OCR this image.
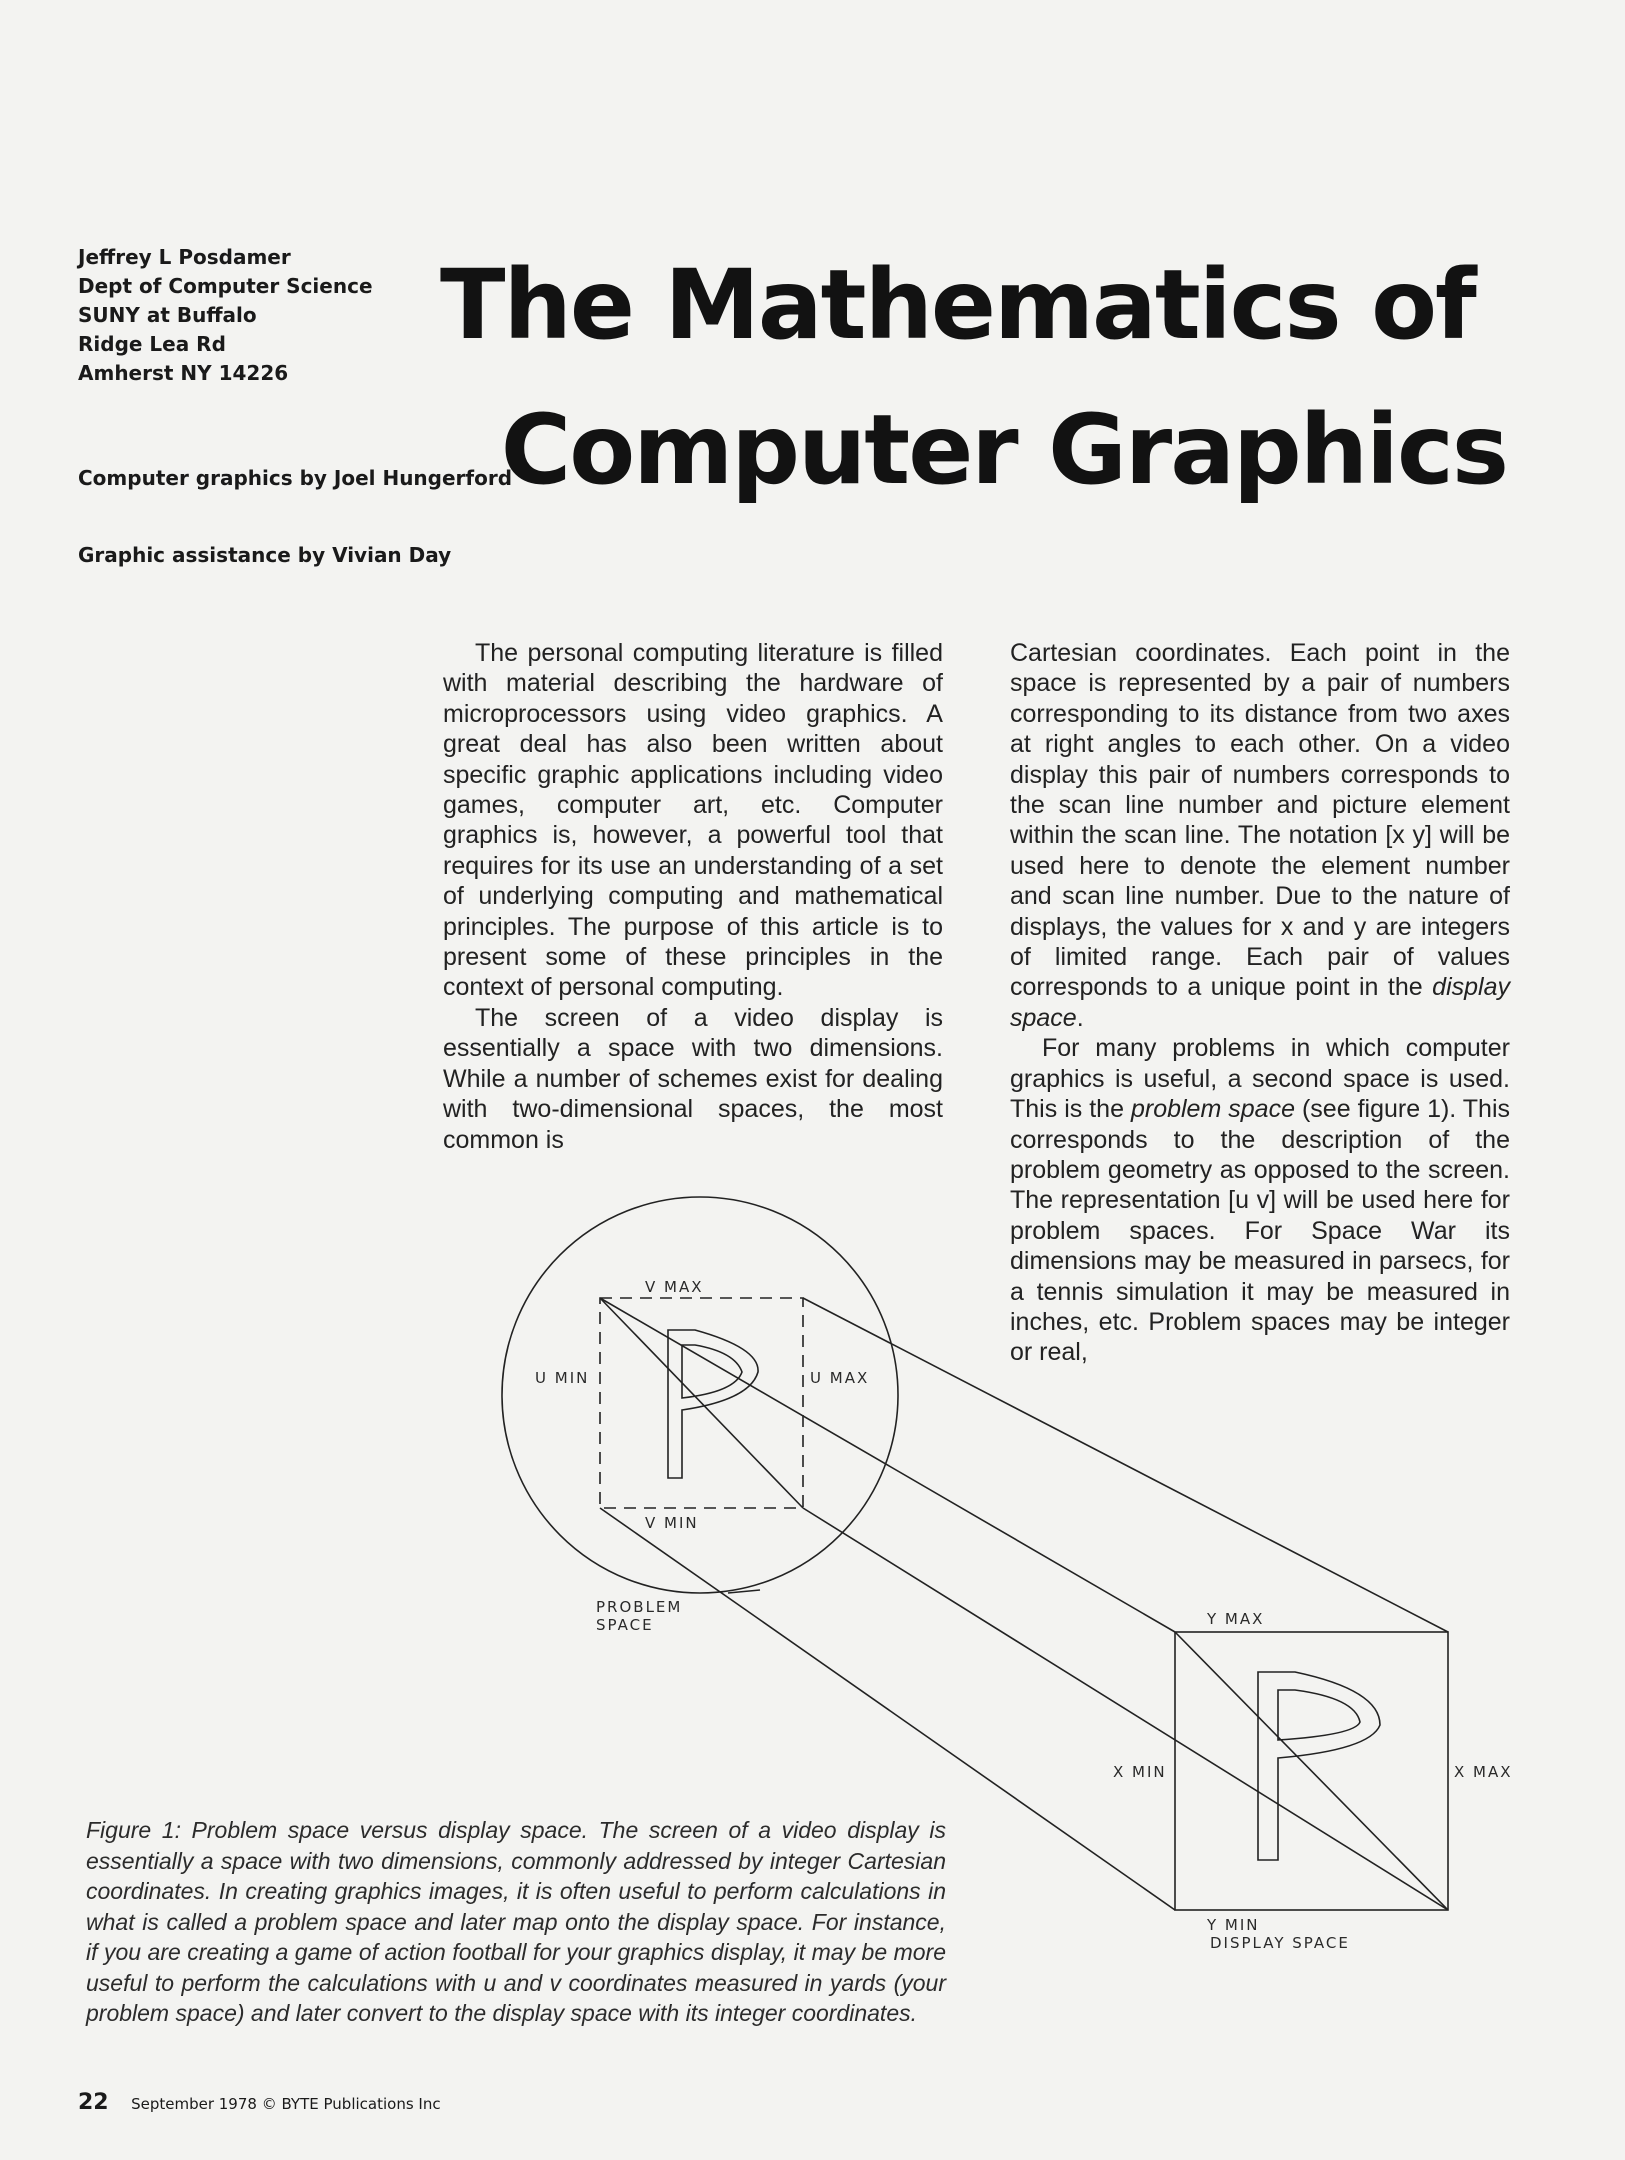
Jeffrey L Posdamer
Dept of Computer Science
SUNY at Buffalo
Ridge Lea Rd
Amherst NY 14226
Computer graphics by Joel Hungerford
Graphic assistance by Vivian Day
The Mathematics of
Computer Graphics

The personal computing literature is filled with material describing the hardware of microprocessors using video graphics. A great deal has also been written about specific graphic applications including video games, computer art, etc. Computer graphics is, however, a powerful tool that requires for its use an understanding of a set of underlying computing and mathematical principles. The purpose of this article is to present some of these principles in the context of personal computing.

The screen of a video display is essentially a space with two dimensions. While a number of schemes exist for dealing with two-dimensional spaces, the most common is

Cartesian coordinates. Each point in the space is represented by a pair of numbers corresponding to its distance from two axes at right angles to each other. On a video display this pair of numbers corresponds to the scan line number and picture element within the scan line. The notation [x y] will be used here to denote the element number and scan line number. Due to the nature of displays, the values for x and y are integers of limited range. Each pair of values corresponds to a unique point in the display space.

For many problems in which computer graphics is useful, a second space is used. This is the problem space (see figure 1). This corresponds to the description of the problem geometry as opposed to the screen. The representation [u v] will be used here for problem spaces. For Space War its dimensions may be measured in parsecs, for a tennis simulation it may be measured in inches, etc. Problem spaces may be integer or real,

V MAX
U MIN	U MAX
V MIN
PROBLEM
SPACE	Y MAX
X MIN	X MAX
Y MIN
DISPLAY SPACE
Figure 1: Problem space versus display space. The screen of a video display is essentially a space with two dimensions, commonly addressed by integer Cartesian coordinates. In creating graphics images, it is often useful to perform calculations in what is called a problem space and later map onto the display space. For instance, if you are creating a game of action football for your graphics display, it may be more useful to perform the calculations with u and v coordinates measured in yards (your problem space) and later convert to the display space with its integer coordinates.
22 September 1978 © BYTE Publications Inc
